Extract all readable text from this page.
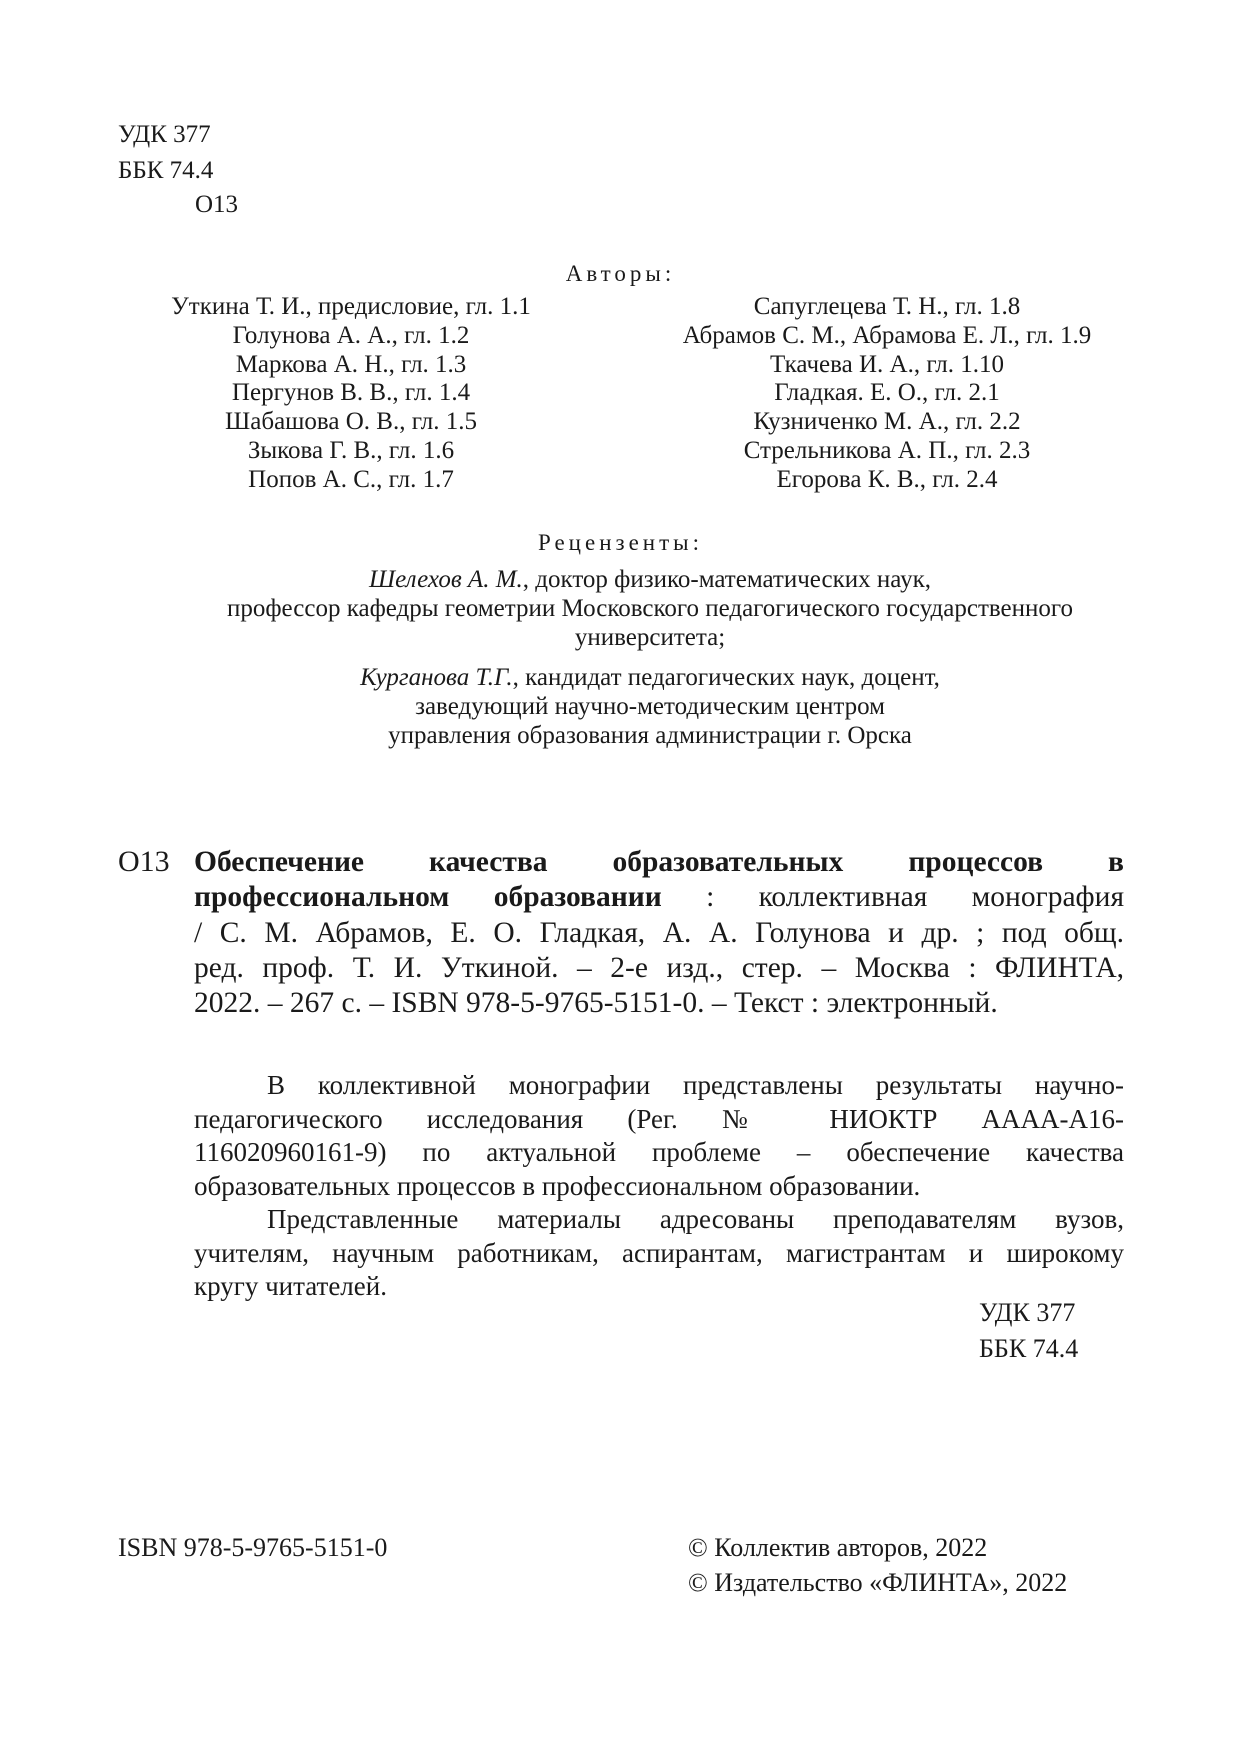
УДК 377
ББК 74.4
О13
Авторы:
Уткина Т. И., предисловие, гл. 1.1
Голунова А. А., гл. 1.2
Маркова А. Н., гл. 1.3
Пергунов В. В., гл. 1.4
Шабашова О. В., гл. 1.5
Зыкова Г. В., гл. 1.6
Попов А. С., гл. 1.7
Сапуглецева Т. Н., гл. 1.8
Абрамов С. М., Абрамова Е. Л., гл. 1.9
Ткачева И. А., гл. 1.10
Гладкая. Е. О., гл. 2.1
Кузниченко М. А., гл. 2.2
Стрельникова А. П., гл. 2.3
Егорова К. В., гл. 2.4
Рецензенты:
Шелехов А. М., доктор физико-математических наук,
профессор кафедры геометрии Московского педагогического государственного
университета;
Курганова Т.Г., кандидат педагогических наук, доцент,
заведующий научно-методическим центром
управления образования администрации г. Орска
О13 Обеспечение качества образовательных процессов в
профессиональном образовании : коллективная монография
/ С. М. Абрамов, Е. О. Гладкая, А. А. Голунова и др. ; под общ.
ред. проф. Т. И. Уткиной. – 2-е изд., стер. – Москва : ФЛИНТА,
2022. – 267 с. – ISBN 978-5-9765-5151-0. – Текст : электронный.
В коллективной монографии представлены результаты научно-
педагогического исследования (Рег. № НИОКТР АААА-А16-
116020960161-9) по актуальной проблеме – обеспечение качества
образовательных процессов в профессиональном образовании.
Представленные материалы адресованы преподавателям вузов,
учителям, научным работникам, аспирантам, магистрантам и широкому
кругу читателей.
УДК 377
ББК 74.4
ISBN 978-5-9765-5151-0	© Коллектив авторов, 2022
© Издательство «ФЛИНТА», 2022
